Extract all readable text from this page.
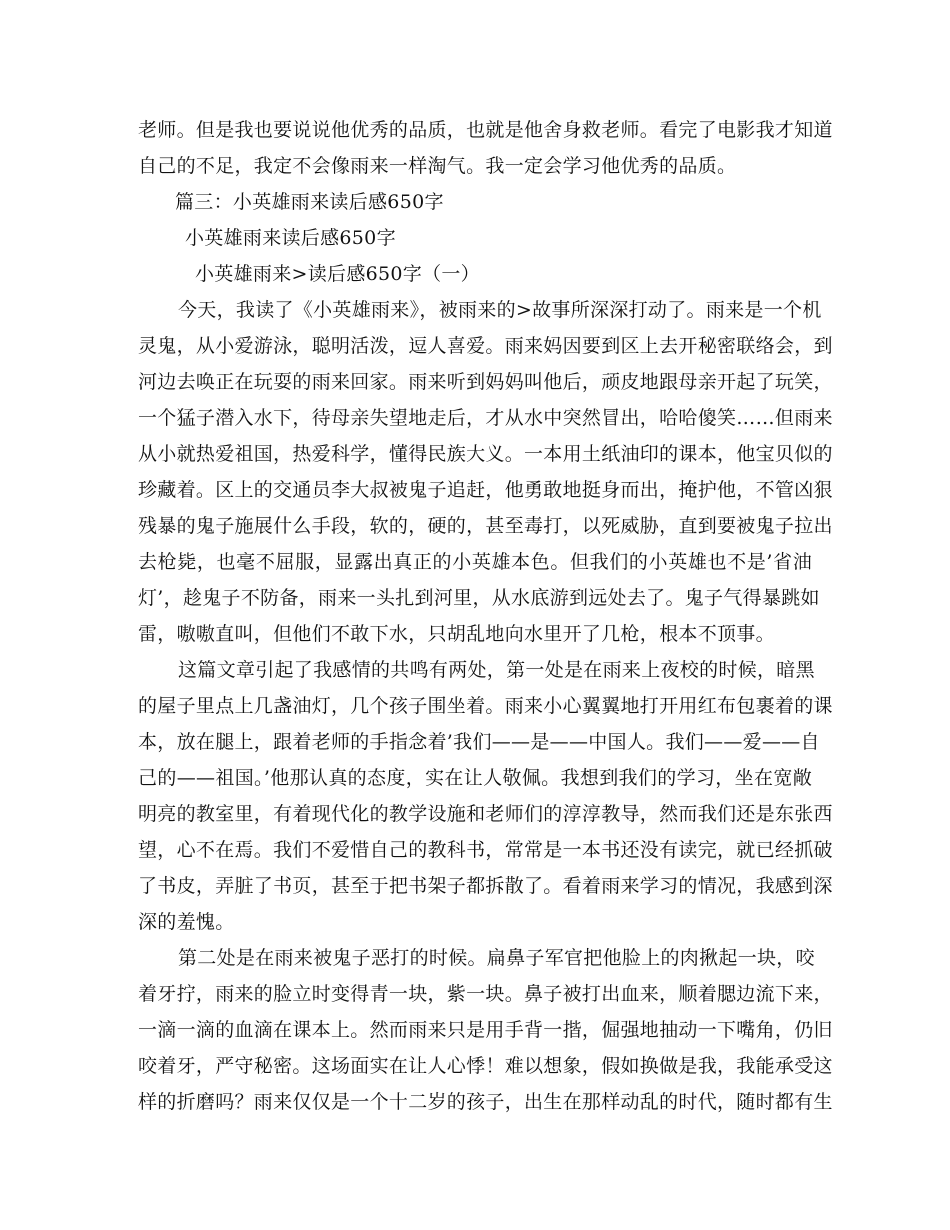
老师。但是我也要说说他优秀的品质，也就是他舍身救老师。看完了电影我才知道
自己的不足，我定不会像雨来一样淘气。我一定会学习他优秀的品质。
篇三：小英雄雨来读后感650字
小英雄雨来读后感650字
小英雄雨来>读后感650字（一）
今天，我读了《小英雄雨来》，被雨来的>故事所深深打动了。雨来是一个机
灵鬼，从小爱游泳，聪明活泼，逗人喜爱。雨来妈因要到区上去开秘密联络会，到
河边去唤正在玩耍的雨来回家。雨来听到妈妈叫他后，顽皮地跟母亲开起了玩笑，
一个猛子潜入水下，待母亲失望地走后，才从水中突然冒出，哈哈傻笑……但雨来
从小就热爱祖国，热爱科学，懂得民族大义。一本用土纸油印的课本，他宝贝似的
珍藏着。区上的交通员李大叔被鬼子追赶，他勇敢地挺身而出，掩护他，不管凶狠
残暴的鬼子施展什么手段，软的，硬的，甚至毒打，以死威胁，直到要被鬼子拉出
去枪毙，也毫不屈服，显露出真正的小英雄本色。但我们的小英雄也不是’省油
灯’，趁鬼子不防备，雨来一头扎到河里，从水底游到远处去了。鬼子气得暴跳如
雷，嗷嗷直叫，但他们不敢下水，只胡乱地向水里开了几枪，根本不顶事。
这篇文章引起了我感情的共鸣有两处，第一处是在雨来上夜校的时候，暗黑
的屋子里点上几盏油灯，几个孩子围坐着。雨来小心翼翼地打开用红布包裹着的课
本，放在腿上，跟着老师的手指念着’我们——是——中国人。我们——爱——自
己的——祖国。’他那认真的态度，实在让人敬佩。我想到我们的学习，坐在宽敞
明亮的教室里，有着现代化的教学设施和老师们的淳淳教导，然而我们还是东张西
望，心不在焉。我们不爱惜自己的教科书，常常是一本书还没有读完，就已经抓破
了书皮，弄脏了书页，甚至于把书架子都拆散了。看着雨来学习的情况，我感到深
深的羞愧。
第二处是在雨来被鬼子恶打的时候。扁鼻子军官把他脸上的肉揪起一块，咬
着牙拧，雨来的脸立时变得青一块，紫一块。鼻子被打出血来，顺着腮边流下来，
一滴一滴的血滴在课本上。然而雨来只是用手背一揩，倔强地抽动一下嘴角，仍旧
咬着牙，严守秘密。这场面实在让人心悸！难以想象，假如换做是我，我能承受这
样的折磨吗？雨来仅仅是一个十二岁的孩子，出生在那样动乱的时代，随时都有生
